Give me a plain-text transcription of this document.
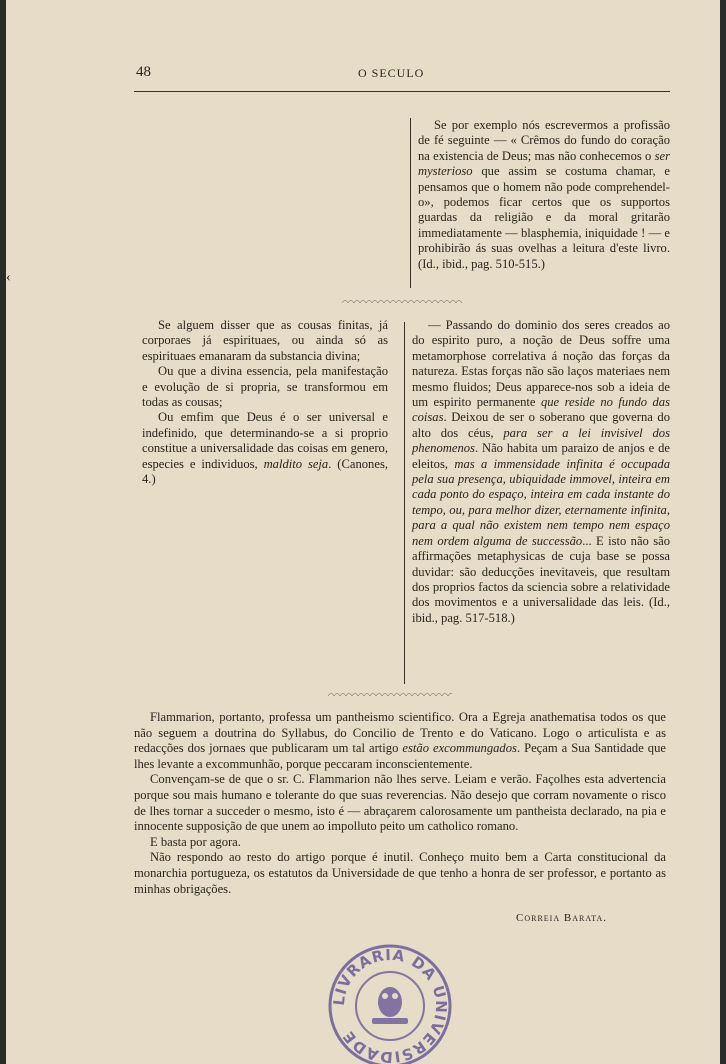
48	O SECULO

Se por exemplo nós escrevermos a profissão de fé seguinte — « Crêmos do fundo do coração na existencia de Deus; mas não conhecemos o ser mysterioso que assim se costuma chamar, e pensamos que o homem não pode comprehendel-o», podemos ficar certos que os supportos guardas da religião e da moral gritarão immediatamente — blasphemia, iniquidade ! — e prohibirão ás suas ovelhas a leitura d'este livro. (Id., ibid., pag. 510-515.)

Se alguem disser que as cousas finitas, já corporaes já espirituaes, ou ainda só as espirituaes emanaram da substancia divina;

Ou que a divina essencia, pela manifestação e evolução de si propria, se transformou em todas as cousas;

Ou emfim que Deus é o ser universal e indefinido, que determinando-se a si proprio constitue a universalidade das coisas em genero, especies e individuos, maldito seja. (Canones, 4.)

— Passando do dominio dos seres creados ao do espirito puro, a noção de Deus soffre uma metamorphose correlativa á noção das forças da natureza. Estas forças não são laços materiaes nem mesmo fluidos; Deus apparece-nos sob a ideia de um espirito permanente que reside no fundo das coisas. Deixou de ser o soberano que governa do alto dos céus, para ser a lei invisivel dos phenomenos. Não habita um paraizo de anjos e de eleitos, mas a immensidade infinita é occupada pela sua presença, ubiquidade immovel, inteira em cada ponto do espaço, inteira em cada instante do tempo, ou, para melhor dizer, eternamente infinita, para a qual não existem nem tempo nem espaço nem ordem alguma de successão... E isto não são affirmações metaphysicas de cuja base se possa duvidar: são deducções inevitaveis, que resultam dos proprios factos da sciencia sobre a relatividade dos movimentos e a universalidade das leis. (Id., ibid., pag. 517-518.)

Flammarion, portanto, professa um pantheismo scientifico. Ora a Egreja anathematisa todos os que não seguem a doutrina do Syllabus, do Concilio de Trento e do Vaticano. Logo o articulista e as redacções dos jornaes que publicaram um tal artigo estão excommungados. Peçam a Sua Santidade que lhes levante a excommunhão, porque peccaram inconscientemente.

Convençam-se de que o sr. C. Flammarion não lhes serve. Leiam e verão. Façolhes esta advertencia porque sou mais humano e tolerante do que suas reverencias. Não desejo que corram novamente o risco de lhes tornar a succeder o mesmo, isto é — abraçarem calorosamente um pantheista declarado, na pia e innocente supposição de que unem ao impolluto peito um catholico romano.

E basta por agora.

Não respondo ao resto do artigo porque é inutil. Conheço muito bem a Carta constitucional da monarchia portugueza, os estatutos da Universidade de que tenho a honra de ser professor, e portanto as minhas obrigações.

Correia Barata.
LIVRARIA DA UNIVERSIDADE
‹
